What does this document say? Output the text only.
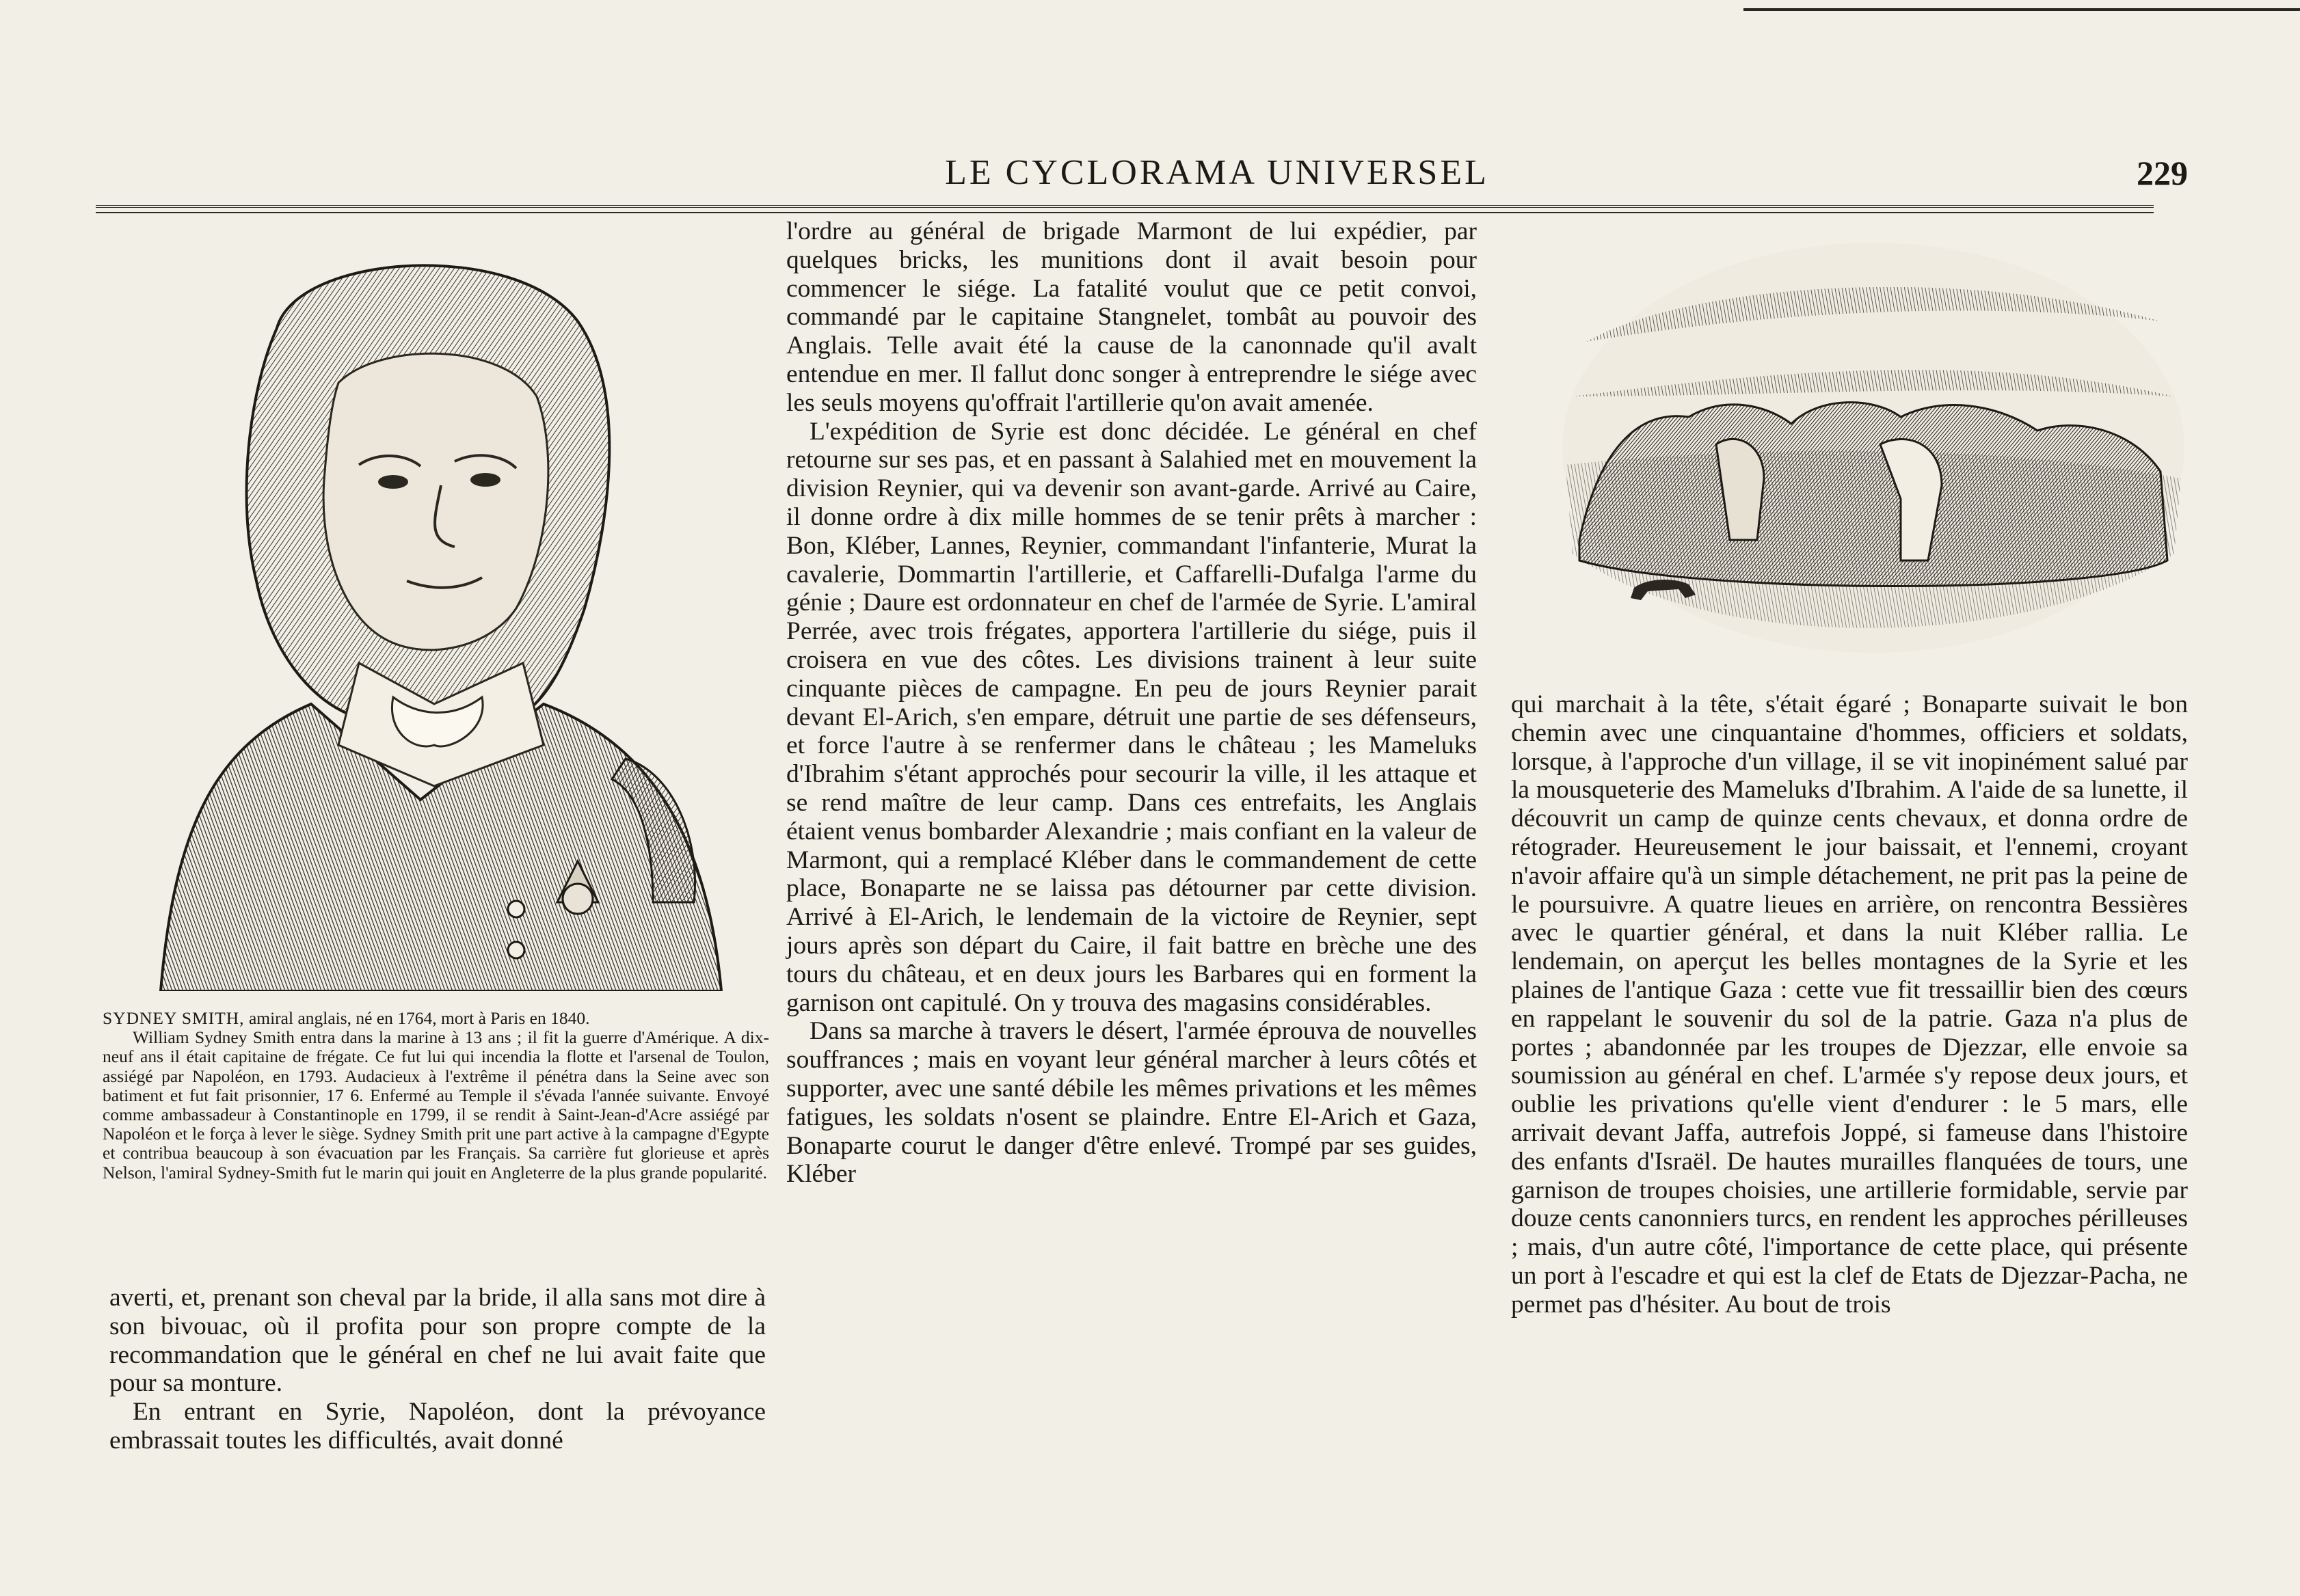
LE CYCLORAMA UNIVERSEL	229

SYDNEY SMITH, amiral anglais, né en 1764, mort à Paris en 1840.

William Sydney Smith entra dans la marine à 13 ans ; il fit la guerre d'Amérique. A dix-neuf ans il était capitaine de frégate. Ce fut lui qui incendia la flotte et l'arsenal de Toulon, assiégé par Napoléon, en 1793. Audacieux à l'extrême il pénétra dans la Seine avec son batiment et fut fait prisonnier, 17 6. Enfermé au Temple il s'évada l'année suivante. Envoyé comme ambassadeur à Constantinople en 1799, il se rendit à Saint-Jean-d'Acre assiégé par Napoléon et le força à lever le siège. Sydney Smith prit une part active à la campagne d'Egypte et contribua beaucoup à son évacuation par les Français. Sa carrière fut glorieuse et après Nelson, l'amiral Sydney-Smith fut le marin qui jouit en Angleterre de la plus grande popularité.

averti, et, prenant son cheval par la bride, il alla sans mot dire à son bivouac, où il profita pour son propre compte de la recommandation que le général en chef ne lui avait faite que pour sa monture.

En entrant en Syrie, Napoléon, dont la prévoyance embrassait toutes les difficultés, avait donné

l'ordre au général de brigade Marmont de lui expédier, par quelques bricks, les munitions dont il avait besoin pour commencer le siége. La fatalité voulut que ce petit convoi, commandé par le capitaine Stangnelet, tombât au pouvoir des Anglais. Telle avait été la cause de la canonnade qu'il avalt entendue en mer. Il fallut donc songer à entreprendre le siége avec les seuls moyens qu'offrait l'artillerie qu'on avait amenée.

L'expédition de Syrie est donc décidée. Le général en chef retourne sur ses pas, et en passant à Salahied met en mouvement la division Reynier, qui va devenir son avant-garde. Arrivé au Caire, il donne ordre à dix mille hommes de se tenir prêts à marcher : Bon, Kléber, Lannes, Reynier, commandant l'infanterie, Murat la cavalerie, Dommartin l'artillerie, et Caffarelli-Dufalga l'arme du génie ; Daure est ordonnateur en chef de l'armée de Syrie. L'amiral Perrée, avec trois frégates, apportera l'artillerie du siége, puis il croisera en vue des côtes. Les divisions trainent à leur suite cinquante pièces de campagne. En peu de jours Reynier parait devant El-Arich, s'en empare, détruit une partie de ses défenseurs, et force l'autre à se renfermer dans le château ; les Mameluks d'Ibrahim s'étant approchés pour secourir la ville, il les attaque et se rend maître de leur camp. Dans ces entrefaits, les Anglais étaient venus bombarder Alexandrie ; mais confiant en la valeur de Marmont, qui a remplacé Kléber dans le commandement de cette place, Bonaparte ne se laissa pas détourner par cette division. Arrivé à El-Arich, le lendemain de la victoire de Reynier, sept jours après son départ du Caire, il fait battre en brèche une des tours du château, et en deux jours les Barbares qui en forment la garnison ont capitulé. On y trouva des magasins considérables.

Dans sa marche à travers le désert, l'armée éprouva de nouvelles souffrances ; mais en voyant leur général marcher à leurs côtés et supporter, avec une santé débile les mêmes privations et les mêmes fatigues, les soldats n'osent se plaindre. Entre El-Arich et Gaza, Bonaparte courut le danger d'être enlevé. Trompé par ses guides, Kléber

qui marchait à la tête, s'était égaré ; Bonaparte suivait le bon chemin avec une cinquantaine d'hommes, officiers et soldats, lorsque, à l'approche d'un village, il se vit inopinément salué par la mousqueterie des Mameluks d'Ibrahim. A l'aide de sa lunette, il découvrit un camp de quinze cents chevaux, et donna ordre de rétograder. Heureusement le jour baissait, et l'ennemi, croyant n'avoir affaire qu'à un simple détachement, ne prit pas la peine de le poursuivre. A quatre lieues en arrière, on rencontra Bessières avec le quartier général, et dans la nuit Kléber rallia. Le lendemain, on aperçut les belles montagnes de la Syrie et les plaines de l'antique Gaza : cette vue fit tressaillir bien des cœurs en rappelant le souvenir du sol de la patrie. Gaza n'a plus de portes ; abandonnée par les troupes de Djezzar, elle envoie sa soumission au général en chef. L'armée s'y repose deux jours, et oublie les privations qu'elle vient d'endurer : le 5 mars, elle arrivait devant Jaffa, autrefois Joppé, si fameuse dans l'histoire des enfants d'Israël. De hautes murailles flanquées de tours, une garnison de troupes choisies, une artillerie formidable, servie par douze cents canonniers turcs, en rendent les approches périlleuses ; mais, d'un autre côté, l'importance de cette place, qui présente un port à l'escadre et qui est la clef de Etats de Djezzar-Pacha, ne permet pas d'hésiter. Au bout de trois
